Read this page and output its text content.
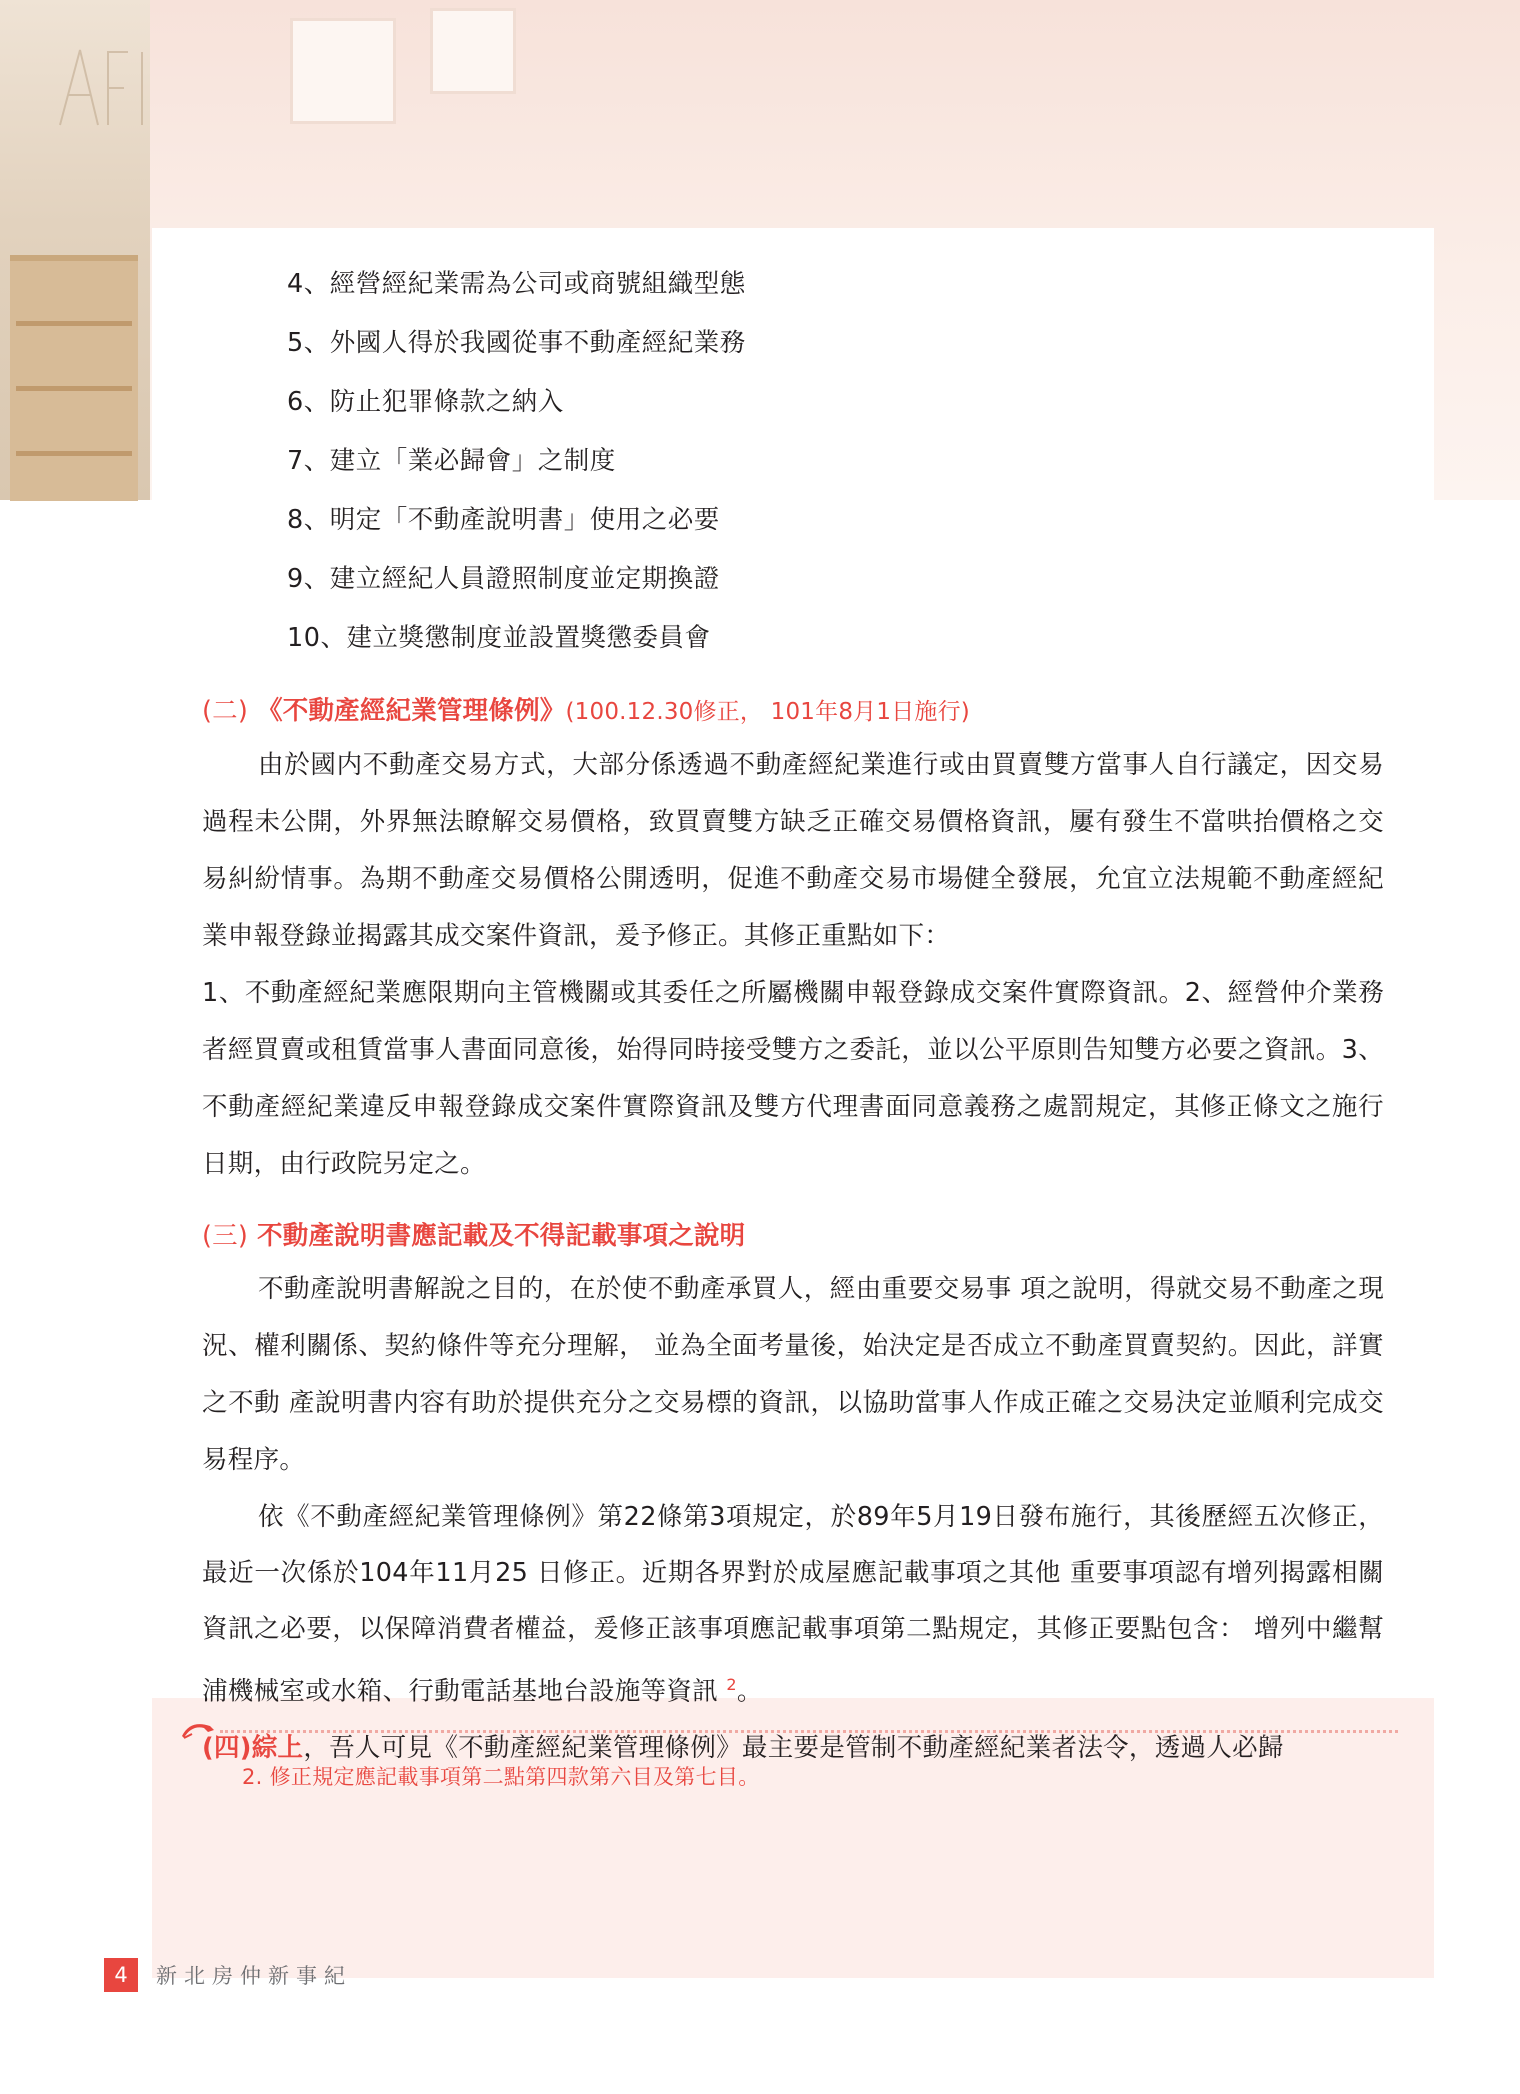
4、經營經紀業需為公司或商號組織型態
5、外國人得於我國從事不動產經紀業務
6、防止犯罪條款之納入
7、建立「業必歸會」之制度
8、明定「不動產說明書」使用之必要
9、建立經紀人員證照制度並定期換證
10、建立獎懲制度並設置獎懲委員會
(二) 《不動產經紀業管理條例》(100.12.30修正， 101年8月1日施行)

由於國内不動產交易方式，大部分係透過不動產經紀業進行或由買賣雙方當事人自行議定，因交易過程未公開，外界無法瞭解交易價格，致買賣雙方缺乏正確交易價格資訊，屢有發生不當哄抬價格之交易糾紛情事。為期不動產交易價格公開透明，促進不動產交易市場健全發展，允宜立法規範不動產經紀業申報登錄並揭露其成交案件資訊，爰予修正。其修正重點如下：

1、不動產經紀業應限期向主管機關或其委任之所屬機關申報登錄成交案件實際資訊。2、經營仲介業務者經買賣或租賃當事人書面同意後，始得同時接受雙方之委託，並以公平原則告知雙方必要之資訊。3、不動產經紀業違反申報登錄成交案件實際資訊及雙方代理書面同意義務之處罰規定，其修正條文之施行日期，由行政院另定之。

(三) 不動產說明書應記載及不得記載事項之說明

不動產說明書解說之目的，在於使不動產承買人，經由重要交易事 項之說明，得就交易不動產之現況、權利關係、契約條件等充分理解， 並為全面考量後，始決定是否成立不動產買賣契約。因此，詳實之不動 產說明書内容有助於提供充分之交易標的資訊，以協助當事人作成正確之交易決定並順利完成交易程序。

依《不動產經紀業管理條例》第22條第3項規定，於89年5月19日發布施行，其後歷經五次修正，最近一次係於104年11月25 日修正。近期各界對於成屋應記載事項之其他 重要事項認有增列揭露相關資訊之必要，以保障消費者權益，爰修正該事項應記載事項第二點規定，其修正要點包含： 增列中繼幫浦機械室或水箱、行動電話基地台設施等資訊 $^2$。

(四)綜上，吾人可見《不動產經紀業管理條例》最主要是管制不動產經紀業者法令，透過人必歸

2. 修正規定應記載事項第二點第四款第六目及第七目。
4	新北房仲新事紀
